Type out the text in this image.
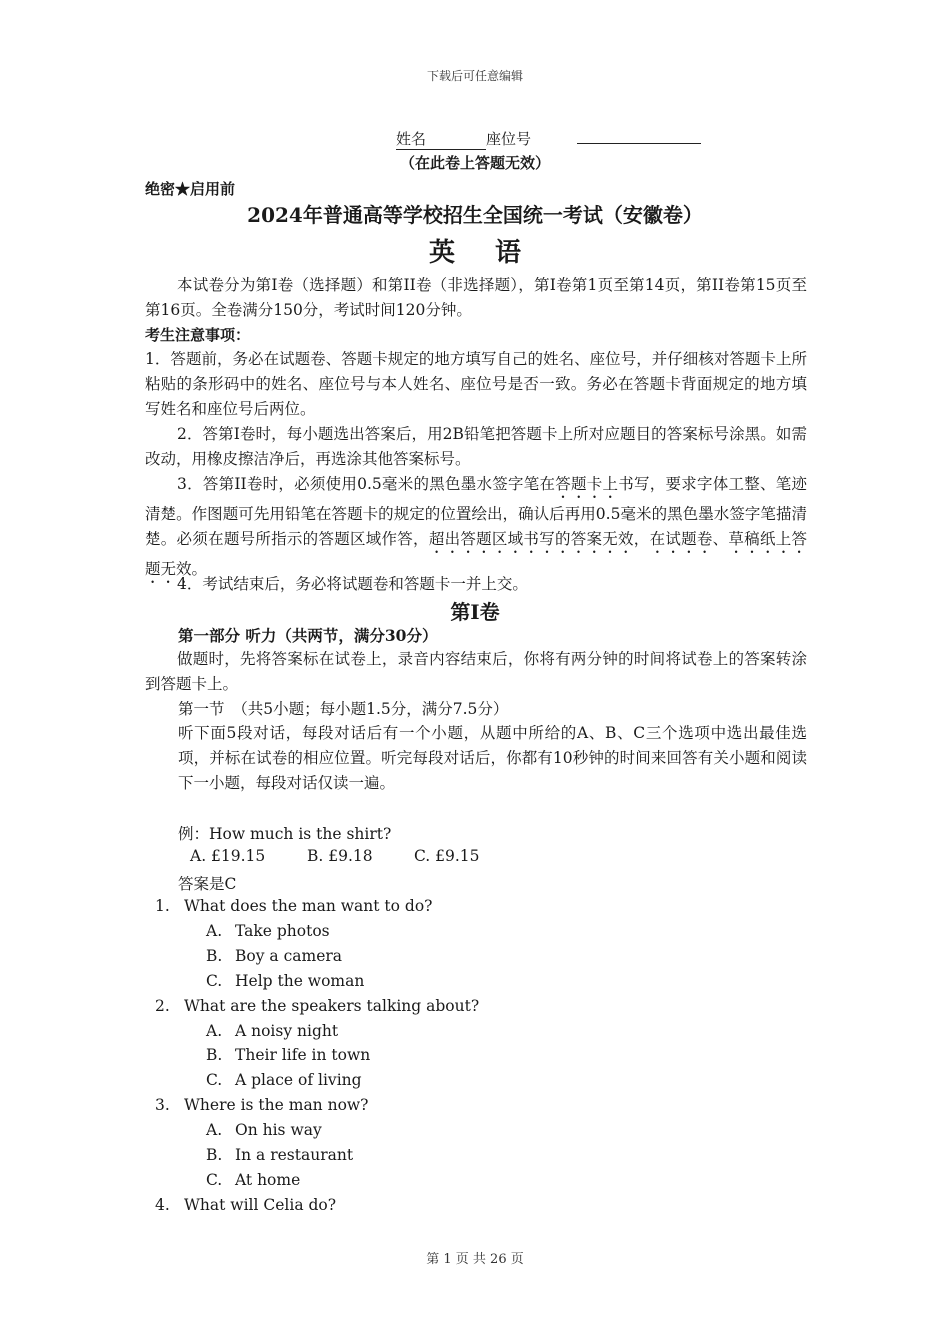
下载后可任意编辑
姓名　　　　	座位号
（在此卷上答题无效）
绝密★启用前
2024年普通高等学校招生全国统一考试（安徽卷）
英语
本试卷分为第I卷（选择题）和第II卷（非选择题），第I卷第1页至第14页，第II卷第15页至第16页。全卷满分150分，考试时间120分钟。
考生注意事项：
1．答题前，务必在试题卷、答题卡规定的地方填写自己的姓名、座位号，并仔细核对答题卡上所粘贴的条形码中的姓名、座位号与本人姓名、座位号是否一致。务必在答题卡背面规定的地方填写姓名和座位号后两位。
2．答第I卷时，每小题选出答案后，用2B铅笔把答题卡上所对应题目的答案标号涂黑。如需改动，用橡皮擦洁净后，再选涂其他答案标号。
3．答第II卷时，必须使用0.5毫米的黑色墨水签字笔在答题卡上书写，要求字体工整、笔迹清楚。作图题可先用铅笔在答题卡的规定的位置绘出，确认后再用0.5毫米的黑色墨水签字笔描清楚。必须在题号所指示的答题区域作答，超出答题区域书写的答案无效，在试题卷、草稿纸上答题无效。
4．考试结束后，务必将试题卷和答题卡一并上交。
第I卷
第一部分 听力（共两节，满分30分）
做题时，先将答案标在试卷上，录音内容结束后，你将有两分钟的时间将试卷上的答案转涂到答题卡上。
第一节　（共5小题；每小题1.5分，满分7.5分）
听下面5段对话，每段对话后有一个小题，从题中所给的A、B、C三个选项中选出最佳选项，并标在试卷的相应位置。听完每段对话后，你都有10秒钟的时间来回答有关小题和阅读下一小题，每段对话仅读一遍。
例：How much is the shirt?
A. £19.15	B. £9.18	C. £9.15
答案是C
1. What does the man want to do?
A. Take photos
B. Boy a camera
C. Help the woman
2. What are the speakers talking about?
A. A noisy night
B. Their life in town
C. A place of living
3. Where is the man now?
A. On his way
B. In a restaurant
C. At home
4. What will Celia do?
第 1 页 共 26 页
